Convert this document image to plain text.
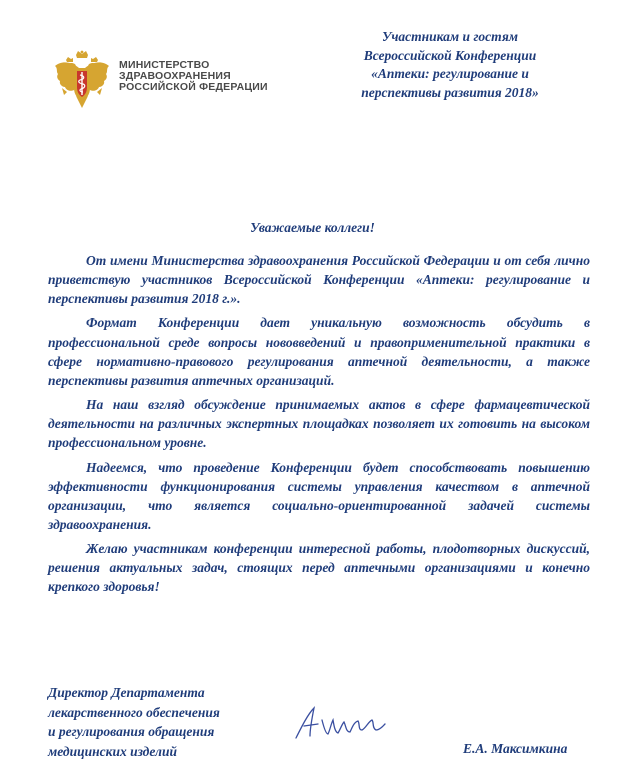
МИНИСТЕРСТВО
ЗДРАВООХРАНЕНИЯ
РОССИЙСКОЙ ФЕДЕРАЦИИ
Участникам и гостям
Всероссийской Конференции
«Аптеки: регулирование и
перспективы развития 2018»
Уважаемые коллеги!

От имени Министерства здравоохранения Российской Федерации и от себя лично приветствую участников Всероссийской Конференции «Аптеки: регулирование и перспективы развития 2018 г.».

Формат Конференции дает уникальную возможность обсудить в профессиональной среде вопросы нововведений и правоприменительной практики в сфере нормативно-правового регулирования аптечной деятельности, а также перспективы развития аптечных организаций.

На наш взгляд обсуждение принимаемых актов в сфере фармацевтической деятельности на различных экспертных площадках позволяет их готовить на высоком профессиональном уровне.

Надеемся, что проведение Конференции будет способствовать повышению эффективности функционирования системы управления качеством в аптечной организации, что является социально-ориентированной задачей системы здравоохранения.

Желаю участникам конференции интересной работы, плодотворных дискуссий, решения актуальных задач, стоящих перед аптечными организациями и конечно крепкого здоровья!

Директор Департамента
лекарственного обеспечения
и регулирования обращения
медицинских изделий	Е.А. Максимкина
